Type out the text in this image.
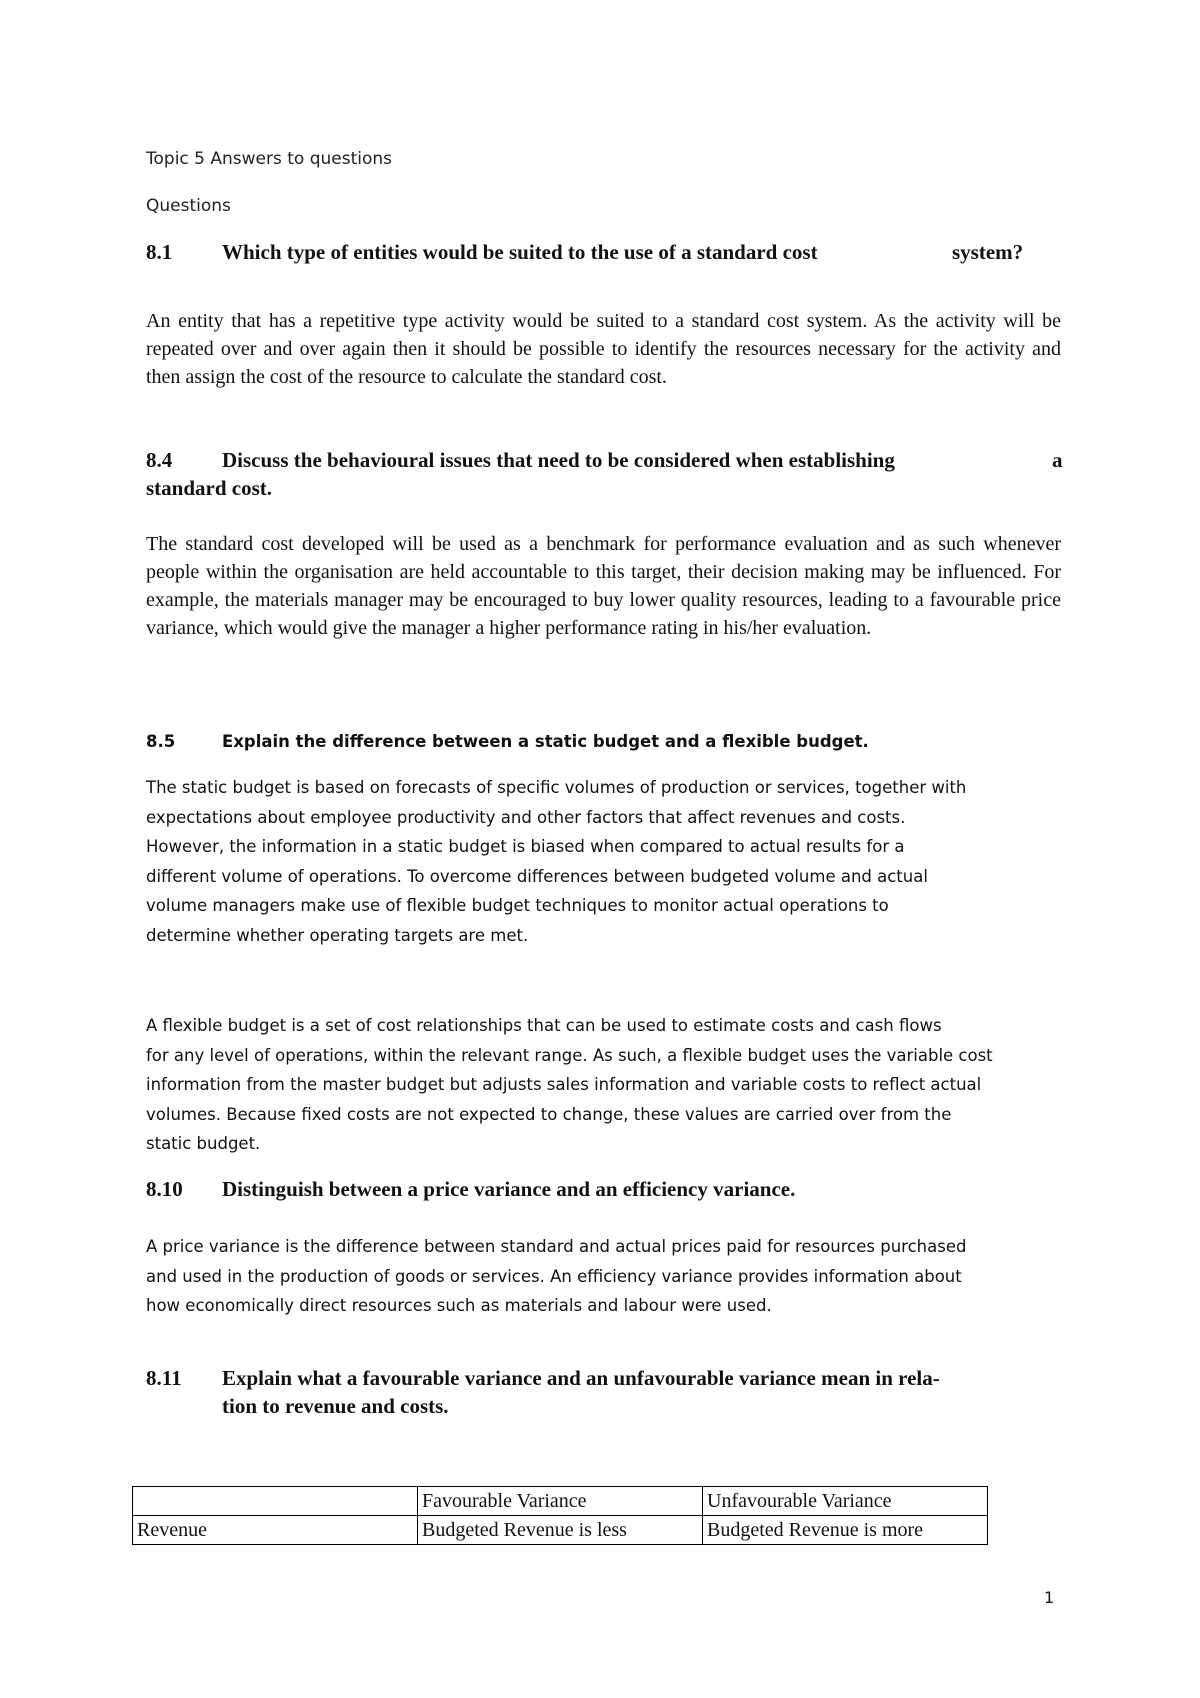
Topic 5 Answers to questions
Questions
8.1 Which type of entities would be suited to the use of a standard cost	system?
An entity that has a repetitive type activity would be suited to a standard cost system. As the activity will be repeated over and over again then it should be possible to identify the resources necessary for the activity and then assign the cost of the resource to calculate the standard cost.
8.4 Discuss the behavioural issues that need to be considered when establishing	a
standard cost.
The standard cost developed will be used as a benchmark for performance evaluation and as such whenever people within the organisation are held accountable to this target, their decision making may be influenced. For example, the materials manager may be encouraged to buy lower quality resources, leading to a favourable price variance, which would give the manager a higher performance rating in his/her evaluation.
8.5	Explain the difference between a static budget and a flexible budget.
The static budget is based on forecasts of specific volumes of production or services, together with
expectations about employee productivity and other factors that affect revenues and costs.
However, the information in a static budget is biased when compared to actual results for a
different volume of operations. To overcome differences between budgeted volume and actual
volume managers make use of flexible budget techniques to monitor actual operations to
determine whether operating targets are met.
A flexible budget is a set of cost relationships that can be used to estimate costs and cash flows
for any level of operations, within the relevant range. As such, a flexible budget uses the variable cost
information from the master budget but adjusts sales information and variable costs to reflect actual
volumes. Because fixed costs are not expected to change, these values are carried over from the
static budget.
8.10 Distinguish between a price variance and an efficiency variance.
A price variance is the difference between standard and actual prices paid for resources purchased
and used in the production of goods or services. An efficiency variance provides information about
how economically direct resources such as materials and labour were used.
8.11 Explain what a favourable variance and an unfavourable variance mean in rela‑
tion to revenue and costs.
	Favourable Variance	Unfavourable Variance
Revenue	Budgeted Revenue is less	Budgeted Revenue is more
1
